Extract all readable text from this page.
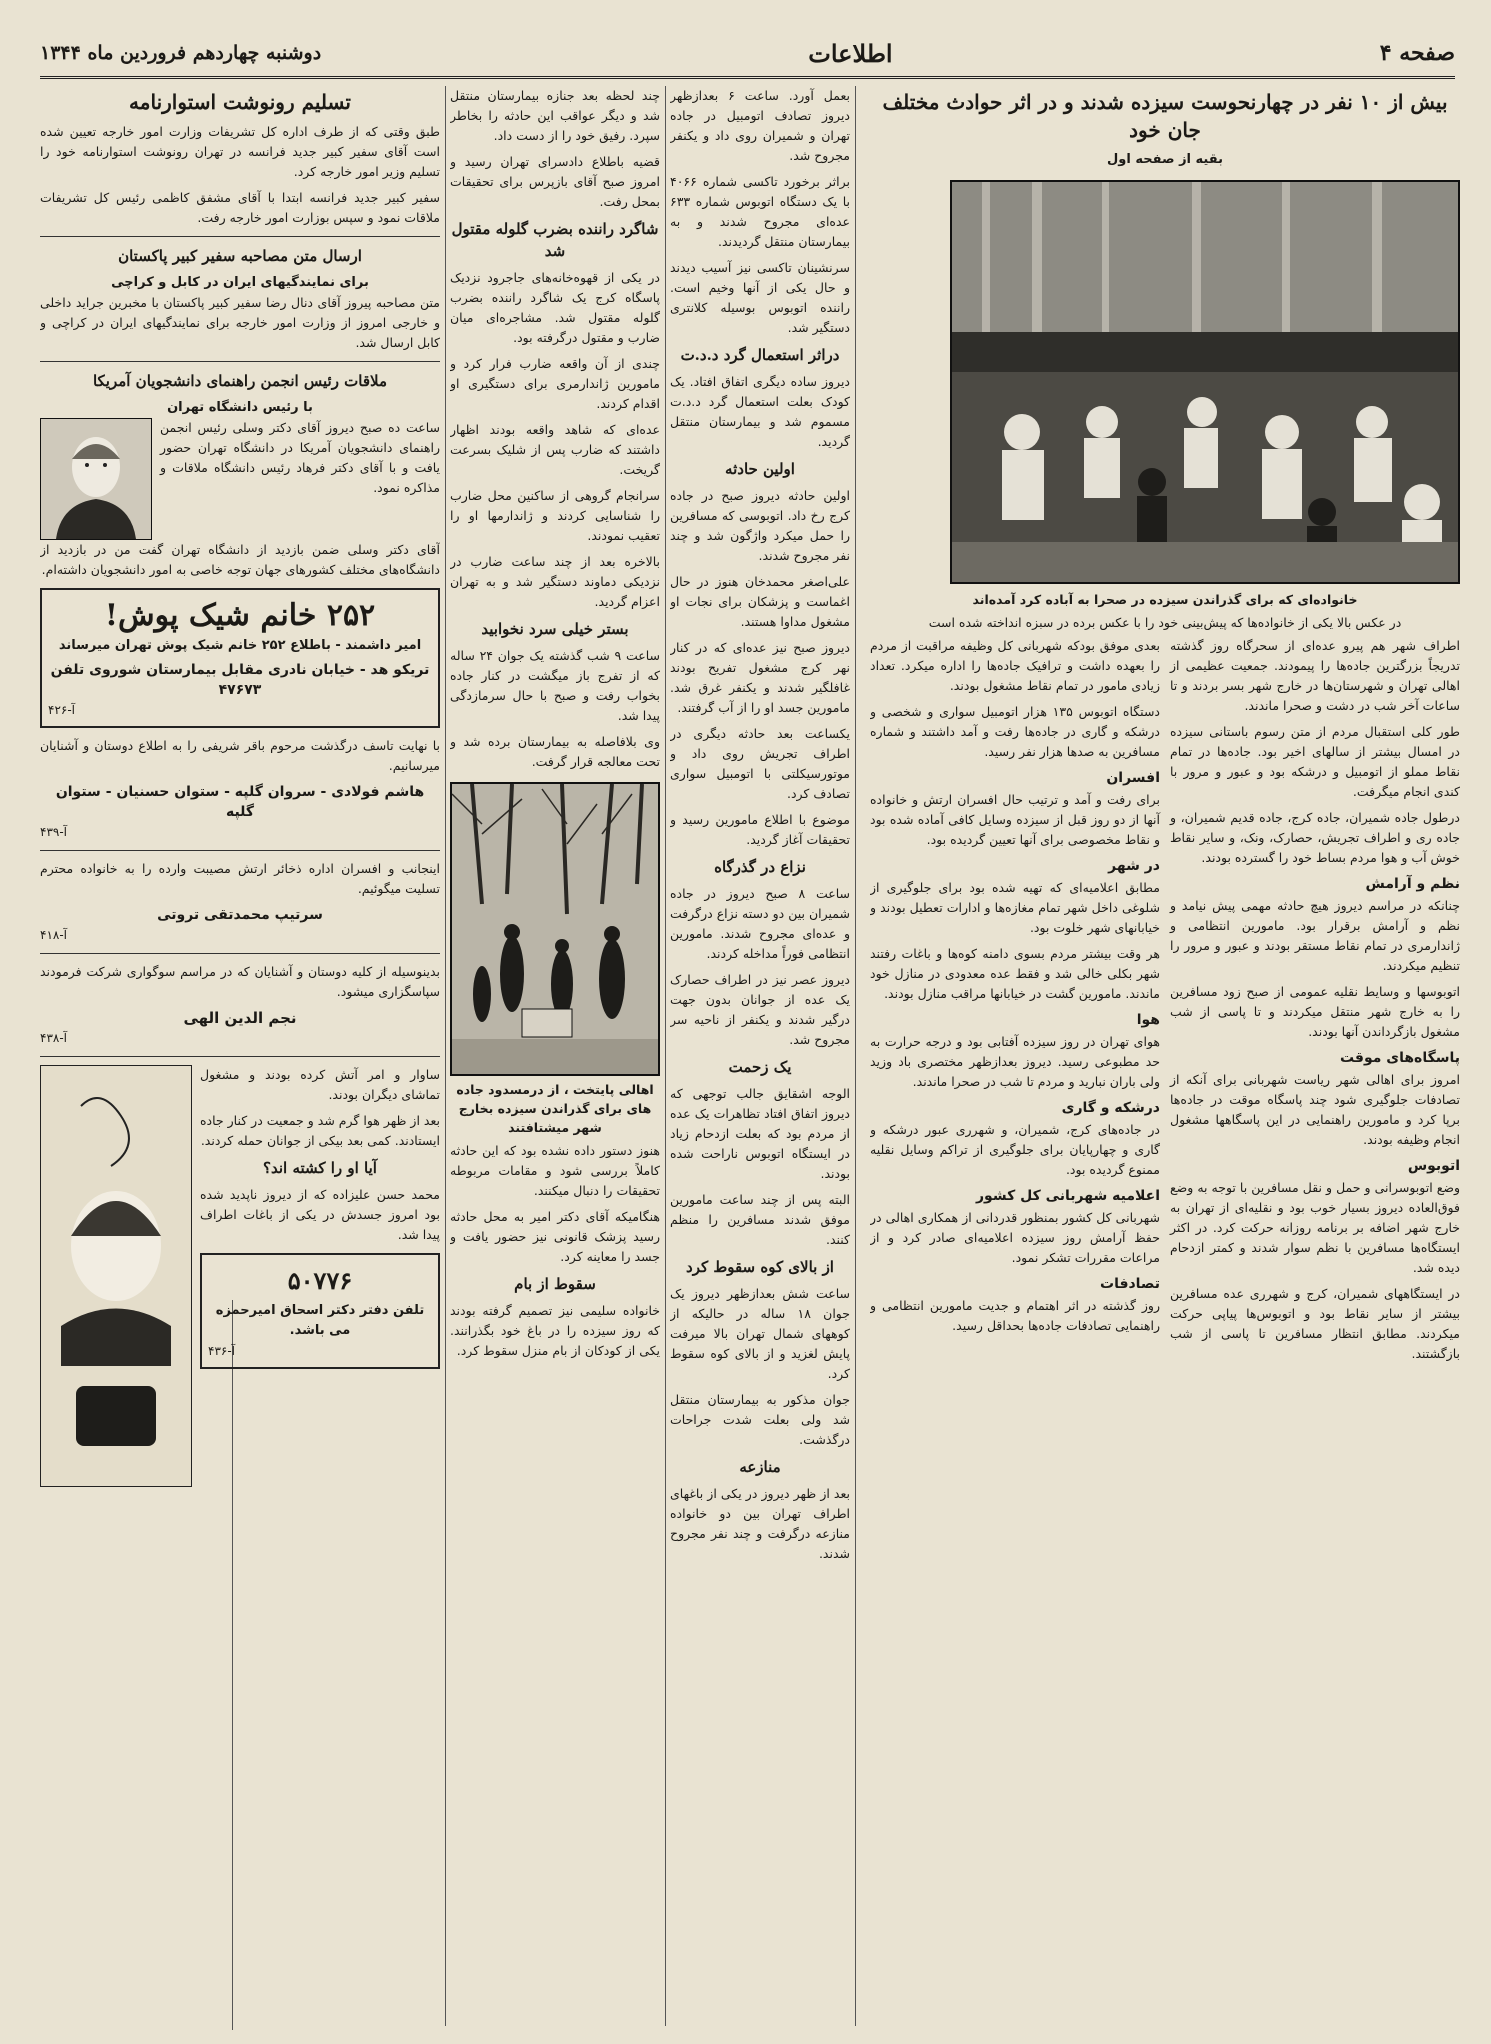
صفحه ۴
اطلاعات
دوشنبه چهاردهم فروردین ماه ۱۳۴۴
بیش از ۱۰ نفر در چهارنحوست سیزده شدند و در اثر حوادث مختلف جان خود
بقیه از صفحه اول
خانواده‌ای که برای گذراندن سیزده در صحرا به آباده کرد آمده‌اند
در عکس بالا یکی از خانواده‌ها که پیش‌بینی خود را با عکس برده در سبزه انداخته شده است

اطراف شهر هم پیرو عده‌ای از سحرگاه روز گذشته تدریجاً بزرگترین جاده‌ها را پیمودند. جمعیت عظیمی از اهالی تهران و شهرستان‌ها در خارج شهر بسر بردند و تا ساعات آخر شب در دشت و صحرا ماندند.

طور کلی استقبال مردم از متن رسوم باستانی سیزده در امسال بیشتر از سالهای اخیر بود. جاده‌ها در تمام نقاط مملو از اتومبیل و درشکه بود و عبور و مرور با کندی انجام میگرفت.

درطول جاده شمیران، جاده کرج، جاده قدیم شمیران، و جاده ری و اطراف تجریش، حصارک، ونک، و سایر نقاط خوش آب و هوا مردم بساط خود را گسترده بودند.

نظم و آرامش

چنانکه در مراسم دیروز هیچ حادثه مهمی پیش نیامد و نظم و آرامش برقرار بود. مامورین انتظامی و ژاندارمری در تمام نقاط مستقر بودند و عبور و مرور را تنظیم میکردند.

اتوبوسها و وسایط نقلیه عمومی از صبح زود مسافرین را به خارج شهر منتقل میکردند و تا پاسی از شب مشغول بازگرداندن آنها بودند.

پاسگاه‌های موقت

امروز برای اهالی شهر ریاست شهربانی برای آنکه از تصادفات جلوگیری شود چند پاسگاه موقت در جاده‌ها برپا کرد و مامورین راهنمایی در این پاسگاهها مشغول انجام وظیفه بودند.

اتوبوس

وضع اتوبوسرانی و حمل و نقل مسافرین با توجه به وضع فوق‌العاده دیروز بسیار خوب بود و نقلیه‌ای از تهران به خارج شهر اضافه بر برنامه روزانه حرکت کرد. در اکثر ایستگاه‌ها مسافرین با نظم سوار شدند و کمتر ازدحام دیده شد.

در ایستگاههای شمیران، کرج و شهرری عده مسافرین بیشتر از سایر نقاط بود و اتوبوس‌ها پیاپی حرکت میکردند. مطابق انتظار مسافرین تا پاسی از شب بازگشتند.

بعدی موفق بودکه شهربانی کل وظیفه مراقبت از مردم را بعهده داشت و ترافیک جاده‌ها را اداره میکرد. تعداد زیادی مامور در تمام نقاط مشغول بودند.

دستگاه اتوبوس ۱۳۵ هزار اتومبیل سواری و شخصی و درشکه و گاری در جاده‌ها رفت و آمد داشتند و شماره مسافرین به صدها هزار نفر رسید.

افسران

برای رفت و آمد و ترتیب حال افسران ارتش و خانواده آنها از دو روز قبل از سیزده وسایل کافی آماده شده بود و نقاط مخصوصی برای آنها تعیین گردیده بود.

در شهر

مطابق اعلامیه‌ای که تهیه شده بود برای جلوگیری از شلوغی داخل شهر تمام مغازه‌ها و ادارات تعطیل بودند و خیابانهای شهر خلوت بود.

هر وقت بیشتر مردم بسوی دامنه کوه‌ها و باغات رفتند شهر بکلی خالی شد و فقط عده معدودی در منازل خود ماندند. مامورین گشت در خیابانها مراقب منازل بودند.

هوا

هوای تهران در روز سیزده آفتابی بود و درجه حرارت به حد مطبوعی رسید. دیروز بعدازظهر مختصری باد وزید ولی باران نبارید و مردم تا شب در صحرا ماندند.

درشکه و گاری

در جاده‌های کرج، شمیران، و شهرری عبور درشکه و گاری و چهارپایان برای جلوگیری از تراکم وسایل نقلیه ممنوع گردیده بود.

اعلامیه شهربانی کل کشور

شهربانی کل کشور بمنظور قدردانی از همکاری اهالی در حفظ آرامش روز سیزده اعلامیه‌ای صادر کرد و از مراعات مقررات تشکر نمود.

تصادفات

روز گذشته در اثر اهتمام و جدیت مامورین انتظامی و راهنمایی تصادفات جاده‌ها بحداقل رسید.

بعمل آورد. ساعت ۶ بعدازظهر دیروز تصادف اتومبیل در جاده تهران و شمیران روی داد و یکنفر مجروح شد.

براثر برخورد تاکسی شماره ۴۰۶۶ با یک دستگاه اتوبوس شماره ۶۳۳ عده‌ای مجروح شدند و به بیمارستان منتقل گردیدند.

سرنشینان تاکسی نیز آسیب دیدند و حال یکی از آنها وخیم است. راننده اتوبوس بوسیله کلانتری دستگیر شد.

دراثر استعمال گرد د.د.ت

دیروز ساده دیگری اتفاق افتاد. یک کودک بعلت استعمال گرد د.د.ت مسموم شد و بیمارستان منتقل گردید.

اولین حادثه

اولین حادثه دیروز صبح در جاده کرج رخ داد. اتوبوسی که مسافرین را حمل میکرد واژگون شد و چند نفر مجروح شدند.

علی‌اصغر محمدخان هنوز در حال اغماست و پزشکان برای نجات او مشغول مداوا هستند.

دیروز صبح نیز عده‌ای که در کنار نهر کرج مشغول تفریح بودند غافلگیر شدند و یکنفر غرق شد. مامورین جسد او را از آب گرفتند.

یکساعت بعد حادثه دیگری در اطراف تجریش روی داد و موتورسیکلتی با اتومبیل سواری تصادف کرد.

موضوع با اطلاع مامورین رسید و تحقیقات آغاز گردید.

نزاع در گذرگاه

ساعت ۸ صبح دیروز در جاده شمیران بین دو دسته نزاع درگرفت و عده‌ای مجروح شدند. مامورین انتظامی فوراً مداخله کردند.

دیروز عصر نیز در اطراف حصارک یک عده از جوانان بدون جهت درگیر شدند و یکنفر از ناحیه سر مجروح شد.

یک زحمت

الوجه اشقایق جالب توجهی که دیروز اتفاق افتاد تظاهرات یک عده از مردم بود که بعلت ازدحام زیاد در ایستگاه اتوبوس ناراحت شده بودند.

البته پس از چند ساعت مامورین موفق شدند مسافرین را منظم کنند.

از بالای کوه سقوط کرد

ساعت شش بعدازظهر دیروز یک جوان ۱۸ ساله در حالیکه از کوههای شمال تهران بالا میرفت پایش لغزید و از بالای کوه سقوط کرد.

جوان مذکور به بیمارستان منتقل شد ولی بعلت شدت جراحات درگذشت.

منازعه

بعد از ظهر دیروز در یکی از باغهای اطراف تهران بین دو خانواده منازعه درگرفت و چند نفر مجروح شدند.

چند لحظه بعد جنازه بیمارستان منتقل شد و دیگر عواقب این حادثه را بخاطر سپرد. رفیق خود را از دست داد.

قضیه باطلاع دادسرای تهران رسید و امروز صبح آقای بازپرس برای تحقیقات بمحل رفت.

شاگرد راننده بضرب گلوله مقتول شد

در یکی از قهوه‌خانه‌های جاجرود نزدیک پاسگاه کرج یک شاگرد راننده بضرب گلوله مقتول شد. مشاجره‌ای میان ضارب و مقتول درگرفته بود.

چندی از آن واقعه ضارب فرار کرد و مامورین ژاندارمری برای دستگیری او اقدام کردند.

عده‌ای که شاهد واقعه بودند اظهار داشتند که ضارب پس از شلیک بسرعت گریخت.

سرانجام گروهی از ساکنین محل ضارب را شناسایی کردند و ژاندارمها او را تعقیب نمودند.

بالاخره بعد از چند ساعت ضارب در نزدیکی دماوند دستگیر شد و به تهران اعزام گردید.

بستر خیلی سرد نخوابید

ساعت ۹ شب گذشته یک جوان ۲۴ ساله که از تفرج باز میگشت در کنار جاده بخواب رفت و صبح با حال سرمازدگی پیدا شد.

وی بلافاصله به بیمارستان برده شد و تحت معالجه قرار گرفت.

اهالی پایتخت ، از درمسدود جاده های برای گذراندن سیزده بخارج شهر میشتافتند

هنوز دستور داده نشده بود که این حادثه کاملاً بررسی شود و مقامات مربوطه تحقیقات را دنبال میکنند.

هنگامیکه آقای دکتر امیر به محل حادثه رسید پزشک قانونی نیز حضور یافت و جسد را معاینه کرد.

سقوط از بام

خانواده سلیمی نیز تصمیم گرفته بودند که روز سیزده را در باغ خود بگذرانند. یکی از کودکان از بام منزل سقوط کرد.

تسلیم رونوشت استوارنامه

طبق وقتی که از طرف اداره کل تشریفات وزارت امور خارجه تعیین شده است آقای سفیر کبیر جدید فرانسه در تهران رونوشت استوارنامه خود را تسلیم وزیر امور خارجه کرد.

سفیر کبیر جدید فرانسه ابتدا با آقای مشفق کاظمی رئیس کل تشریفات ملاقات نمود و سپس بوزارت امور خارجه رفت.

ارسال متن مصاحبه سفیر کبیر پاکستان
برای نمایندگیهای ایران در کابل و کراچی

متن مصاحبه پیروز آقای دنال رضا سفیر کبیر پاکستان با مخبرین جراید داخلی و خارجی امروز از وزارت امور خارجه برای نمایندگیهای ایران در کراچی و کابل ارسال شد.

ملاقات رئیس انجمن راهنمای دانشجویان آمریکا
با رئیس دانشگاه تهران

ساعت ده صبح دیروز آقای دکتر وسلی رئیس انجمن راهنمای دانشجویان آمریکا در دانشگاه تهران حضور یافت و با آقای دکتر فرهاد رئیس دانشگاه ملاقات و مذاکره نمود.

آقای دکتر وسلی ضمن بازدید از دانشگاه تهران گفت من در بازدید از دانشگاه‌های مختلف کشورهای جهان توجه خاصی به امور دانشجویان داشته‌ام.

۲۵۲ خانم شیک پوش!
امیر داشمند - باطلاع ۲۵۲ خانم شیک پوش تهران میرساند
تریکو هد - خیابان نادری مقابل بیمارستان شوروی تلفن ۴۷۶۷۳
آ-۴۲۶

با نهایت تاسف درگذشت مرحوم باقر شریفی را به اطلاع دوستان و آشنایان میرسانیم.

هاشم فولادی - سروان گلپه - ستوان حسنیان - ستوان گلپه
آ-۴۳۹

اینجانب و افسران اداره ذخائر ارتش مصیبت وارده را به خانواده محترم تسلیت میگوئیم.

سرتیپ محمدتقی تروتی
آ-۴۱۸

بدینوسیله از کلیه دوستان و آشنایان که در مراسم سوگواری شرکت فرمودند سپاسگزاری میشود.

نجم الدین الهی
آ-۴۳۸

ساوار و امر آتش کرده بودند و مشغول تماشای دیگران بودند.

بعد از ظهر هوا گرم شد و جمعیت در کنار جاده ایستادند. کمی بعد بیکی از جوانان حمله کردند.

آیا او را کشته اند؟

محمد حسن علیزاده که از دیروز ناپدید شده بود امروز جسدش در یکی از باغات اطراف پیدا شد.

۵۰۷۷۶
تلفن دفتر دکتر اسحاق امیرحمزه می باشد.
آ-۴۳۶
